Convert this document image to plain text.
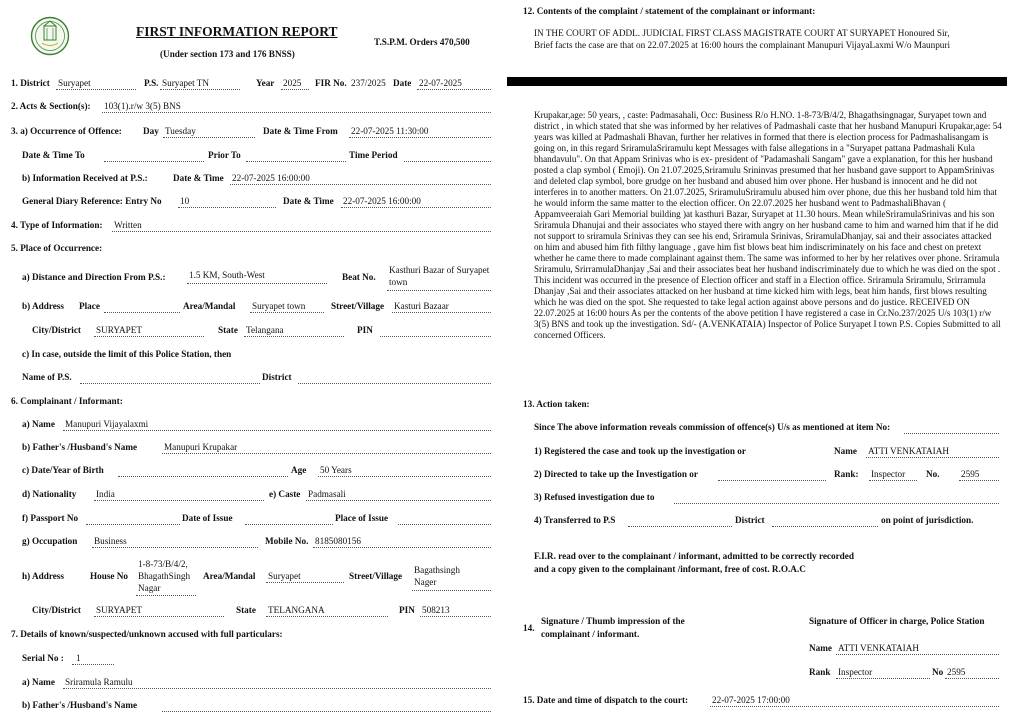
FIRST INFORMATION REPORT
(Under section 173 and 176 BNSS)
T.S.P.M. Orders 470,500
1. District Suryapet	P.S. Suryapet TN	Year 2025 FIR No. 237/2025 Date 22-07-2025
2. Acts & Section(s): 103(1).r/w 3(5) BNS
3. a) Occurrence of Offence: Day Tuesday	Date & Time From 22-07-2025 11:30:00
Date & Time To	Prior To	Time Period
b) Information Received at P.S.:	Date & Time 22-07-2025 16:00:00
General Diary Reference: Entry No 10	Date & Time 22-07-2025 16:00:00
4. Type of Information: Written
5. Place of Occurrence:
a) Distance and Direction From P.S.:	1.5 KM, South-West	Beat No.
Kasthuri Bazar of Suryapet
town
b) Address Place	Area/Mandal Suryapet town	Street/Village Kasturi Bazaar
City/District SURYAPET	State Telangana	PIN
c) In case, outside the limit of this Police Station, then
Name of P.S.	District
6. Complainant / Informant:
a) Name Manupuri Vijayalaxmi
b) Father's /Husband's Name	Manupuri Krupakar
c) Date/Year of Birth	Age 50 Years
d) Nationality India	e) Caste Padmasali
f) Passport No	Date of Issue	Place of Issue
g) Occupation Business	Mobile No. 8185080156
h) Address	House No
1-8-73/B/4/2,
BhagathSingh
Nagar
Area/Mandal Suryapet	Street/Village
Bagathsingh
Nager
City/District SURYAPET	State TELANGANA	PIN 508213
7. Details of known/suspected/unknown accused with full particulars:
Serial No : 1
a) Name Sriramula Ramulu
b) Father's /Husband's Name
12. Contents of the complaint / statement of the complainant or informant:
IN THE COURT OF ADDL. JUDICIAL FIRST CLASS MAGISTRATE COURT AT SURYAPET Honoured Sir,
Brief facts the case are that on 22.07.2025 at 16:00 hours the complainant Manupuri VijayaLaxmi W/o Maunpuri
Krupakar,age: 50 years, , caste: Padmasahali, Occ: Business R/o H.NO. 1-8-73/B/4/2, Bhagathsingnagar, Suryapet town and district , in which stated that she was informed by her relatives of Padmashali caste that her husband Manupuri Krupakar,age: 54 years was killed at Padmashali Bhavan, further her relatives in formed that there is election process for Padmashalisangam is going on, in this regard SriramulaSriramulu kept Messages with false allegations in a "Suryapet pattana Padmashali Kula bhandavulu". On that Appam Srinivas who is ex- president of "Padamashali Sangam" gave a explanation, for this her husband posted a clap symbol ( Emoji). On 21.07.2025,Sriramulu Srininvas presumed that her husband gave support to AppamSrinivas and deleted clap symbol, bore grudge on her husband and abused him over phone. Her husband is innocent and he did not interferes in to another matters. On 21.07.2025, SriramuluSriramulu abused him over phone, due this her husband told him that he would inform the same matter to the election officer. On 22.07.2025 her husband went to PadmashaliBhavan ( Appamveeraiah Gari Memorial building )at kasthuri Bazar, Suryapet at 11.30 hours. Mean whileSriramulaSrinivas and his son Sriramula Dhanujai and their associates who stayed there with angry on her husband came to him and warned him that if he did not support to sriramula Srinivas they can see his end, Sriramula Srinivas, SriramulaDhanjay, sai and their associates attacked on him and abused him fith filthy language , gave him fist blows beat him indiscriminately on his face and chest on pretext whether he came there to made complainant against them. The same was informed to her by her relatives over phone. Sriramula Sriramulu, SrirramulaDhanjay ,Sai and their associates beat her husband indiscriminately due to which he was died on the spot . This incident was occurred in the presence of Election officer and staff in a Election office. Sriramula Sriramulu, Srirramula Dhanjay ,Sai and their associates attacked on her husband at time kicked him with legs, beat him hands, first blows resulting which he was died on the spot. She requested to take legal action against above persons and do justice. RECEIVED ON 22.07.2025 at 16:00 hours As per the contents of the above petition I have registered a case in Cr.No.237/2025 U/s 103(1) r/w 3(5) BNS and took up the investigation. Sd/- (A.VENKATAIA) Inspector of Police Suryapet I town P.S. Copies Submitted to all concerned Officers.
13. Action taken:
Since The above information reveals commission of offence(s) U/s as mentioned at item No:
1) Registered the case and took up the investigation or	Name ATTI VENKATAIAH
2) Directed to take up the Investigation or	Rank: Inspector No. 2595
3) Refused investigation due to
4) Transferred to P.S	District	on point of jurisdiction.
F.I.R. read over to the complainant / informant, admitted to be correctly recorded
and a copy given to the complainant /informant, free of cost. R.O.A.C
14.
Signature / Thumb impression of the
complainant / informant.
Signature of Officer in charge, Police Station
Name ATTI VENKATAIAH
Rank Inspector	No 2595
15. Date and time of dispatch to the court:	22-07-2025 17:00:00
